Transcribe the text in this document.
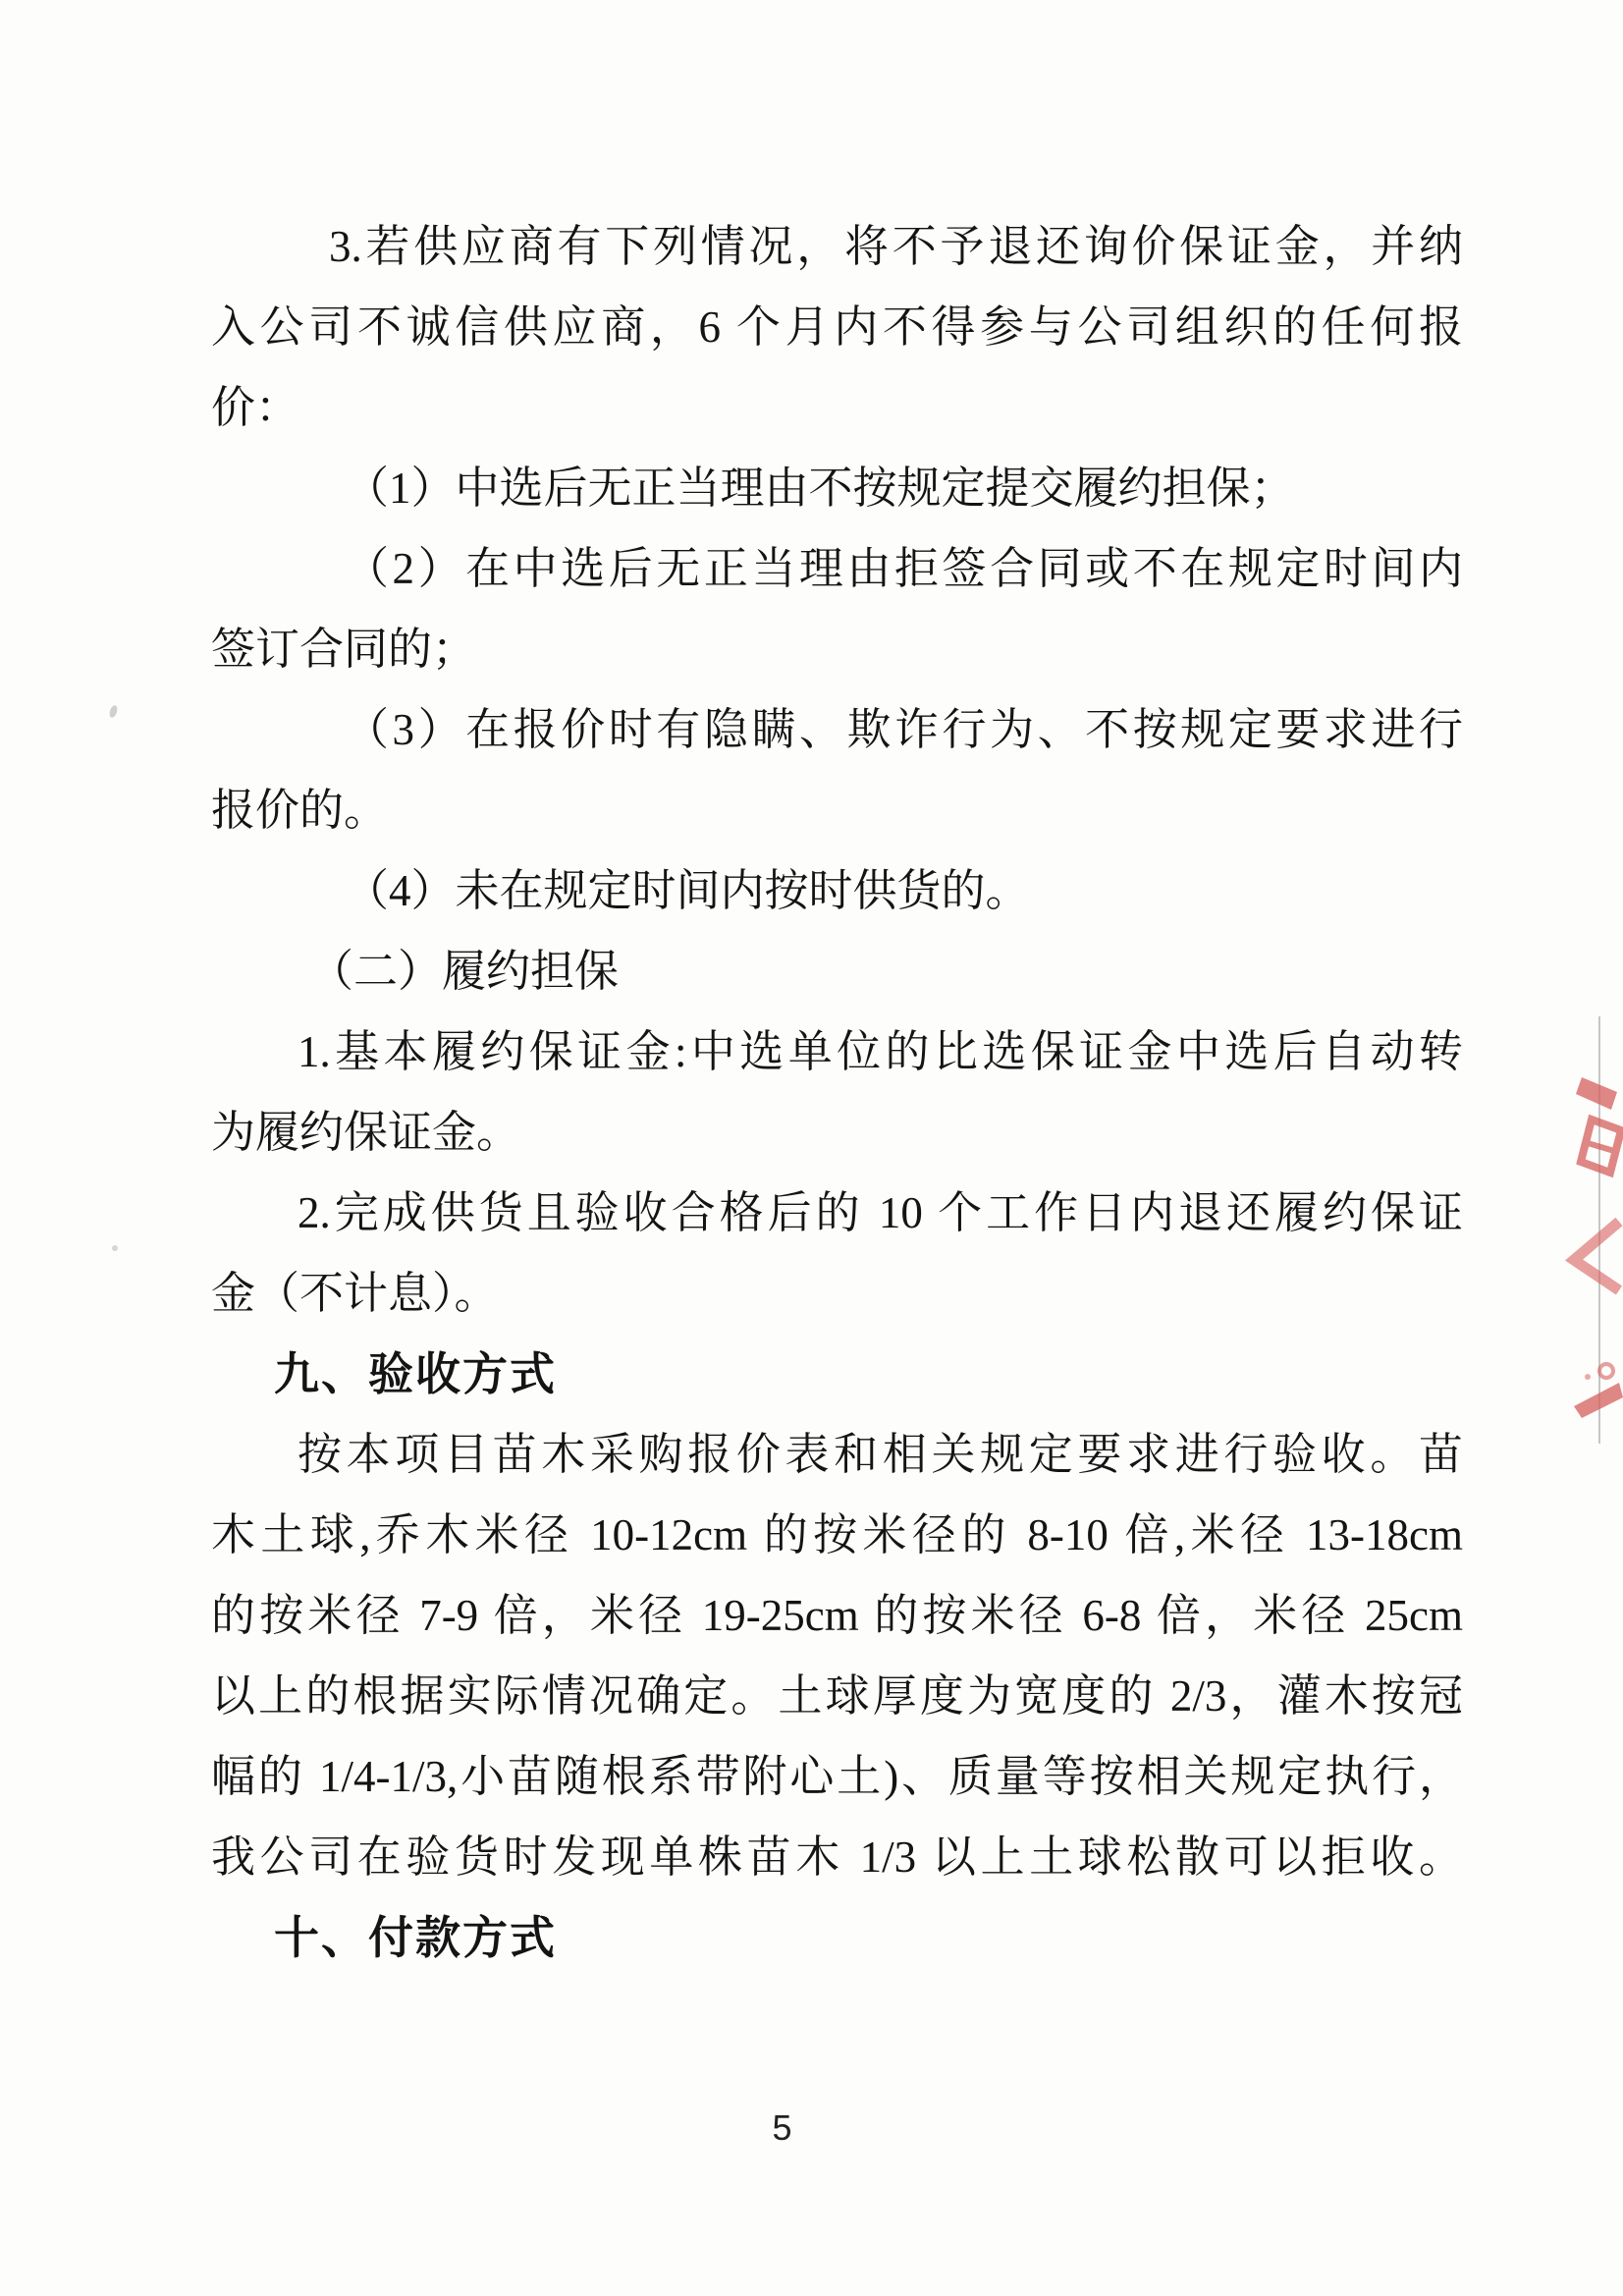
3.若供应商有下列情况，将不予退还询价保证金，并纳
入公司不诚信供应商，6 个月内不得参与公司组织的任何报
价：
（1）中选后无正当理由不按规定提交履约担保；
（2）在中选后无正当理由拒签合同或不在规定时间内
签订合同的；
（3）在报价时有隐瞒、欺诈行为、不按规定要求进行
报价的。
（4）未在规定时间内按时供货的。
（二）履约担保
1.基本履约保证金:中选单位的比选保证金中选后自动转
为履约保证金。
2.完成供货且验收合格后的 10 个工作日内退还履约保证
金（不计息）。
九、验收方式
按本项目苗木采购报价表和相关规定要求进行验收。苗
木土球,乔木米径 10-12cm 的按米径的 8-10 倍,米径 13-18cm
的按米径 7-9 倍，米径 19-25cm 的按米径 6-8 倍，米径 25cm
以上的根据实际情况确定。土球厚度为宽度的 2/3，灌木按冠
幅的 1/4-1/3,小苗随根系带附心土)、质量等按相关规定执行，
我公司在验货时发现单株苗木 1/3 以上土球松散可以拒收。
十、付款方式
5
